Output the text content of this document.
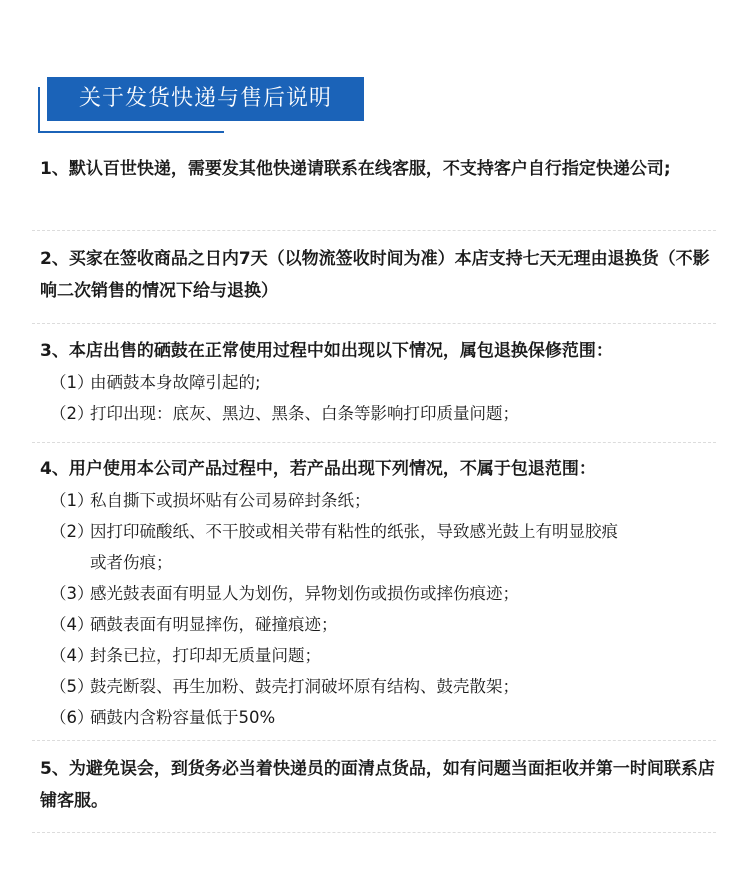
关于发货快递与售后说明

1、默认百世快递，需要发其他快递请联系在线客服，不支持客户自行指定快递公司;

2、买家在签收商品之日内7天（以物流签收时间为准）本店支持七天无理由退换货（不影响二次销售的情况下给与退换）

3、本店出售的硒鼓在正常使用过程中如出现以下情况，属包退换保修范围：

（1）由硒鼓本身故障引起的;

（2）打印出现：底灰、黑边、黑条、白条等影响打印质量问题；

4、用户使用本公司产品过程中，若产品出现下列情况，不属于包退范围：

（1）私自撕下或损坏贴有公司易碎封条纸；

（2）因打印硫酸纸、不干胶或相关带有粘性的纸张，导致感光鼓上有明显胶痕

或者伤痕；

（3）感光鼓表面有明显人为划伤，异物划伤或损伤或摔伤痕迹；

（4）硒鼓表面有明显摔伤，碰撞痕迹；

（4）封条已拉，打印却无质量问题；

（5）鼓壳断裂、再生加粉、鼓壳打洞破坏原有结构、鼓壳散架；

（6）硒鼓内含粉容量低于50%

5、为避免误会，到货务必当着快递员的面清点货品，如有问题当面拒收并第一时间联系店铺客服。
